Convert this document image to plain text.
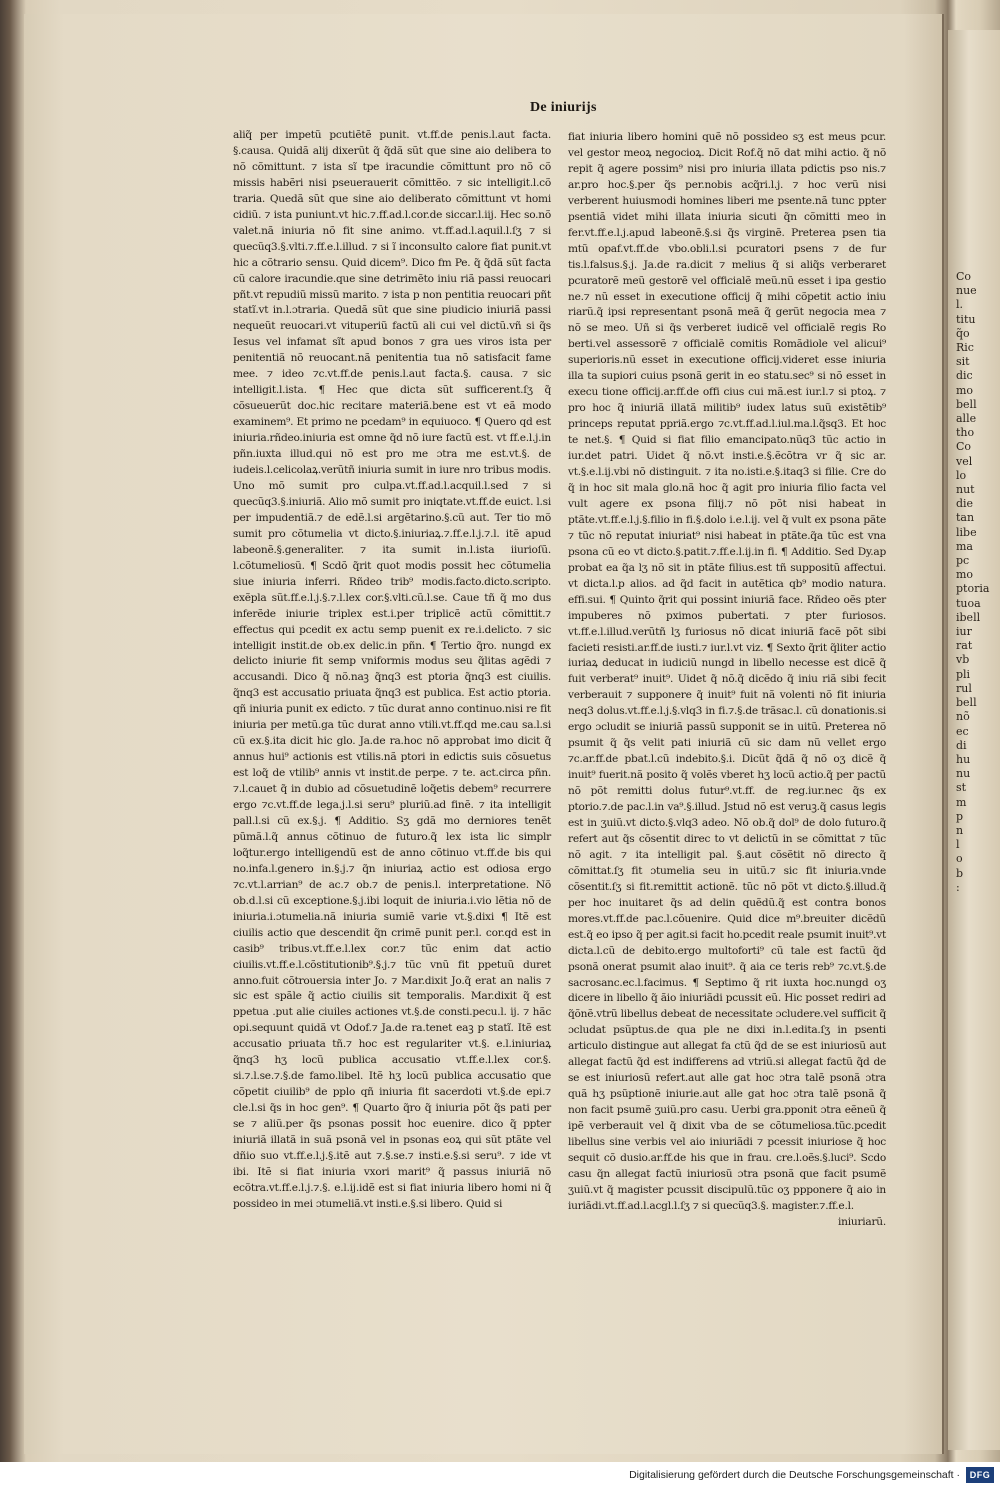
De iniurijs
aliq̃ per impetũ pcutiẽtẽ punit. vt.ff.de penis.l.aut facta. §.causa. Quidã alij dixerũt q̃ q̃dã sũt que sine aio delibera to nõ cõmittunt. ⁊ ista sĩ tpe iracundie cõmittunt pro nõ cõ missis habẽri nisi pseuerauerit cõmittẽo. ⁊ sic intelligit.l.cõ traria. Quedã sũt que sine aio deliberato cõmittunt vt homi cidiũ. ⁊ ista puniunt.vt hic.⁊.ff.ad.l.cor.de siccar.l.iij. Hec so.nõ valet.nã iniuria nõ fit sine animo. vt.ff.ad.l.aquil.l.ſʒ ⁊ si quecũq3.§.vlti.⁊.ff.e.l.illud. ⁊ si ĩ inconsulto calore fiat punit.vt hic a cõtrario sensu. Quid dicem⁹. Dico fm Pe. q̃ q̃dã sũt facta cũ calore iracundie.que sine detrimẽto iniu riã passi reuocari pñt.vt repudiũ missũ marito. ⁊ ista p non pentitia reuocari pñt statĩ.vt in.l.ɔtraria. Quedã sũt que sine piudicio iniuriã passi nequeũt reuocari.vt vituperiũ factũ ali cui vel dictũ.vñ si q̃s Iesus vel infamat sĩt apud bonos ⁊ gra ues viros ista per penitentiã nõ reuocant.nã penitentia tua nõ satisfacit fame mee. ⁊ ideo ⁊c.vt.ff.de penis.l.aut facta.§. causa. ⁊ sic intelligit.l.ista. ¶ Hec que dicta sũt sufficerent.ſʒ q̃ cõsueuerũt doc.hic recitare materiã.bene est vt eã modo examinem⁹. Et primo ne pcedam⁹ in equiuoco. ¶ Quero qd est iniuria.rñdeo.iniuria est omne q̃d nõ iure factũ est. vt ff.e.l.j.in pñn.iuxta illud.qui nõ est pro me ɔtra me est.vt.§. de iudeis.l.celicolaꝝ.verũtñ iniuria sumit in iure nro tribus modis. Uno mõ sumit pro culpa.vt.ff.ad.l.acquil.l.sed ⁊ si quecũq3.§.iniuriã. Alio mõ sumit pro iniqtate.vt.ff.de euict. l.si per impudentiã.⁊ de edẽ.l.si argẽtarino.§.cũ aut. Ter tio mõ sumit pro cõtumelia vt dicto.§.iniuriaꝝ.⁊.ff.e.l.j.⁊.l. itẽ apud labeonẽ.§.generaliter. ⁊ ita sumit in.l.ista iiurioſũ. l.cõtumeliosũ. ¶ Scdõ q̃rit quot modis possit hec cõtumelia siue iniuria inferri. Rñdeo trib⁹ modis.facto.dicto.scripto. exẽpla sũt.ff.e.l.j.§.⁊.l.lex cor.§.vlti.cũ.l.se. Caue tñ q̃ mo dus inferẽde iniurie triplex est.i.per triplicẽ actũ cõmittit.⁊ effectus qui pcedit ex actu semp puenit ex re.i.delicto. ⁊ sic intelligit instit.de ob.ex delic.in pñn. ¶ Tertio q̃ro. nungd ex delicto iniurie fit semp vniformis modus seu q̃litas agẽdi ⁊ accusandi. Dico q̃ nõ.naꝫ q̃nq3 est ptoria q̃nq3 est ciuilis. q̃nq3 est accusatio priuata q̃nq3 est publica. Est actio ptoria. qñ iniuria punit ex edicto. ⁊ tũc durat anno continuo.nisi re fit iniuria per metũ.ga tũc durat anno vtili.vt.ff.qd me.cau sa.l.si cũ ex.§.ita dicit hic glo. Ja.de ra.hoc nõ approbat imo dicit q̃ annus hui⁹ actionis est vtilis.nã ptori in edictis suis cõsuetus est loq̃ de vtilib⁹ annis vt instit.de perpe. ⁊ te. act.circa pñn. ⁊.l.cauet q̃ in dubio ad cõsuetudinẽ loq̃etis debem⁹ recurrere ergo ⁊c.vt.ff.de lega.j.l.si seru⁹ pluriũ.ad finẽ. ⁊ ita intelligit pall.l.si cũ ex.§.j. ¶ Additio. Sʒ gdã mo derniores tenẽt pũmã.l.q̃ annus cõtinuo de futuro.q̃ lex ista lic simplr loq̃tur.ergo intelligendũ est de anno cõtinuo vt.ff.de bis qui no.infa.l.genero in.§.j.⁊ q̃n iniuriaꝝ actio est odiosa ergo ⁊c.vt.l.arrian⁹ de ac.⁊ ob.⁊ de penis.l. interpretatione. Nõ ob.d.l.si cũ exceptione.§.j.ibi loquit de iniuria.i.vio lẽtia nõ de iniuria.i.ɔtumelia.nã iniuria sumiẽ varie vt.§.dixi ¶ Itẽ est ciuilis actio que descendit q̃n crimẽ punit per.l. cor.qd est in casib⁹ tribus.vt.ff.e.l.lex cor.⁊ tũc enim dat actio ciuilis.vt.ff.e.l.cõstitutionib⁹.§.j.⁊ tũc vnũ fit ppetuũ duret anno.fuit cõtrouersia inter Jo. ⁊ Mar.dixit Jo.q̃ erat an nalis ⁊ sic est spãle q̃ actio ciuilis sit temporalis. Mar.dixit q̃ est ppetua .put alie ciuiles actiones vt.§.de consti.pecu.l. ij. ⁊ hãc opi.sequunt quidã vt Odof.⁊ Ja.de ra.tenet eaꝫ p statĩ. Itẽ est accusatio priuata tñ.⁊ hoc est regulariter vt.§. e.l.iniuriaꝝ q̃nq3 hʒ locũ publica accusatio vt.ff.e.l.lex cor.§. si.⁊.l.se.⁊.§.de famo.libel. Itẽ hʒ locũ publica accusatio que cõpetit ciuilib⁹ de pplo qñ iniuria fit sacerdoti vt.§.de epi.⁊ cle.l.si q̃s in hoc gen⁹. ¶ Quarto q̃ro q̃ iniuria põt q̃s pati per se ⁊ aliũ.per q̃s psonas possit hoc euenire. dico q̃ ppter iniuriã illatã in suã psonã vel in psonas eoꝝ qui sũt ptãte vel dñio suo vt.ff.e.l.j.§.itẽ aut ⁊.§.se.⁊ insti.e.§.si seru⁹. ⁊ ide vt ibi. Itẽ si fiat iniuria vxori marit⁹ q̃ passus iniuriã nõ ecõtra.vt.ff.e.l.j.⁊.§. e.l.ij.idẽ est si fiat iniuria libero homi ni q̃ possideo in mei ɔtumeliã.vt insti.e.§.si libero. Quid si
fiat iniuria libero homini quẽ nõ possideo sʒ est meus pcur. vel gestor meoꝝ negocioꝝ. Dicit Rof.q̃ nõ dat mihi actio. q̃ nõ repit q̃ agere possim⁹ nisi pro iniuria illata pdictis pso nis.⁊ ar.pro hoc.§.per q̃s per.nobis acq̃ri.l.j. ⁊ hoc verũ nisi verberent huiusmodi homines liberi me psente.nã tunc ppter psentiã videt mihi illata iniuria sicuti q̃n cõmitti meo in fer.vt.ff.e.l.j.apud labeonẽ.§.si q̃s virginẽ. Preterea psen tia mtũ opaf.vt.ff.de vbo.obli.l.si pcuratori psens ⁊ de fur tis.l.falsus.§.j. Ja.de ra.dicit ⁊ melius q̃ si aliq̃s verberaret pcuratorẽ meũ gestorẽ vel officialẽ meũ.nũ esset i ipa gestio ne.⁊ nũ esset in executione officij q̃ mihi cõpetit actio iniu riarũ.q̃ ipsi representant psonã meã q̃ gerũt negocia mea ⁊ nõ se meo. Uñ si q̃s verberet iudicẽ vel officialẽ regis Ro berti.vel assessorẽ ⁊ officialẽ comitis Romãdiole vel alicui⁹ superioris.nũ esset in executione officij.videret esse iniuria illa ta supiori cuius psonã gerit in eo statu.sec⁹ si nõ esset in execu tione officij.ar.ff.de offi cius cui mã.est iur.l.⁊ si ptoꝝ. ⁊ pro hoc q̃ iniuriã illatã militib⁹ iudex latus suũ existẽtib⁹ princeps reputat ppriã.ergo ⁊c.vt.ff.ad.l.iul.ma.l.q̃sq3. Et hoc te net.§. ¶ Quid si fiat filio emancipato.nũq3 tũc actio in iur.det patri. Uidet q̃ nõ.vt insti.e.§.ẽcõtra vr q̃ sic ar. vt.§.e.l.ij.vbi nõ distinguit. ⁊ ita no.isti.e.§.itaq3 si filie. Cre do q̃ in hoc sit mala glo.nã hoc q̃ agit pro iniuria filio facta vel vult agere ex psona filij.⁊ nõ põt nisi habeat in ptãte.vt.ff.e.l.j.§.filio in fi.§.dolo i.e.l.ij. vel q̃ vult ex psona pãte ⁊ tũc nõ reputat iniuriat⁹ nisi habeat in ptãte.q̃a tũc est vna psona cũ eo vt dicto.§.patit.⁊.ff.e.l.ij.in fi. ¶ Additio. Sed Dy.ap probat ea q̃a lʒ nõ sit in ptãte filius.est tñ suppositũ affectui. vt dicta.l.p alios. ad q̃d facit in autẽtica qb⁹ modio natura. effi.sui. ¶ Quinto q̃rit qui possint iniuriã face. Rñdeo oẽs pter impuberes nõ pximos pubertati. ⁊ pter furiosos. vt.ff.e.l.illud.verũtñ lʒ furiosus nõ dicat iniuriã facẽ põt sibi facieti resisti.ar.ff.de iusti.⁊ iur.l.vt viz. ¶ Sexto q̃rit q̃liter actio iuriaꝝ deducat in iudiciũ nungd in libello necesse est dicẽ q̃ fuit verberat⁹ inuit⁹. Uidet q̃ nõ.q̃ dicẽdo q̃ iniu riã sibi fecit verberauit ⁊ supponere q̃ inuit⁹ fuit nã volenti nõ fit iniuria neq3 dolus.vt.ff.e.l.j.§.vlq3 in fi.⁊.§.de trãsac.l. cũ donationis.si ergo ɔcludit se iniuriã passũ supponit se in uitũ. Preterea nõ psumit q̃ q̃s velit pati iniuriã cũ sic dam nũ vellet ergo ⁊c.ar.ff.de pbat.l.cũ indebito.§.i. Dicũt q̃dã q̃ nõ oʒ dicẽ q̃ inuit⁹ fuerit.nã posito q̃ volẽs vberet hʒ locũ actio.q̃ per pactũ nõ põt remitti dolus futur⁹.vt.ff. de reg.iur.nec q̃s ex ptorio.⁊.de pac.l.in va⁹.§.illud. Jstud nõ est veruꝫ.q̃ casus legis est in ʒuiũ.vt dicto.§.vlq3 adeo. Nõ ob.q̃ dol⁹ de dolo futuro.q̃ refert aut q̃s cõsentit direc to vt delictũ in se cõmittat ⁊ tũc nõ agit. ⁊ ita intelligit pal. §.aut cõsẽtit nõ directo q̃ cõmittat.ſʒ fit ɔtumelia seu in uitũ.⁊ sic fit iniuria.vnde cõsentit.ſʒ si fit.remittit actionẽ. tũc nõ põt vt dicto.§.illud.q̃ per hoc inuitaret q̃s ad delin quẽdũ.q̃ est contra bonos mores.vt.ff.de pac.l.cõuenire. Quid dice m⁹.breuiter dicẽdũ est.q̃ eo ipso q̃ per agit.si facit ho.pcedit reale psumit inuit⁹.vt dicta.l.cũ de debito.ergo multoforti⁹ cũ tale est factũ q̃d psonã onerat psumit alao inuit⁹. q̃ aia ce teris reb⁹ ⁊c.vt.§.de sacrosanc.ec.l.facimus. ¶ Septimo q̃ rit iuxta hoc.nungd oʒ dicere in libello q̃ ãio iniuriãdi pcussit eũ. Hic posset rediri ad q̃õnẽ.vtrũ libellus debeat de necessitate ɔcludere.vel sufficit q̃ ɔcludat psũptus.de qua ple ne dixi in.l.edita.ſʒ in psenti articulo distingue aut allegat fa ctũ q̃d de se est iniuriosũ aut allegat factũ q̃d est indifferens ad vtriũ.si allegat factũ q̃d de se est iniuriosũ refert.aut alle gat hoc ɔtra talẽ psonã ɔtra quã hʒ psũptionẽ iniurie.aut alle gat hoc ɔtra talẽ psonã q̃ non facit psumẽ ʒuiũ.pro casu. Uerbi gra.pponit ɔtra eẽneũ q̃ ipẽ verberauit vel q̃ dixit vba de se cõtumeliosa.tũc.pcedit libellus sine verbis vel aio iniuriãdi ⁊ pcessit iniuriose q̃ hoc sequit cõ dusio.ar.ff.de his que in frau. cre.l.oẽs.§.luci⁹. Scdo casu q̃n allegat factũ iniuriosũ ɔtra psonã que facit psumẽ ʒuiũ.vt q̃ magister pcussit discipulũ.tũc oʒ ppponere q̃ aio in iuriãdi.vt.ff.ad.l.acgl.l.ſʒ ⁊ si quecũq3.§. magister.⁊.ff.e.l.
iniuriarũ.
Co
nue
l.
titu
q̃o
Ric
sit
dic
mo
bell
alle
tho
Co
vel
lo
nut
die
tan
libe
ma
pc
mo
ptoria
tuoa
ibell
iur
rat
vb
pli
rul
bell
nõ
ec
di
hu
nu
st
m
p
n
l
o
b
:
Digitalisierung gefördert durch die Deutsche Forschungsgemeinschaft ·	DFG
